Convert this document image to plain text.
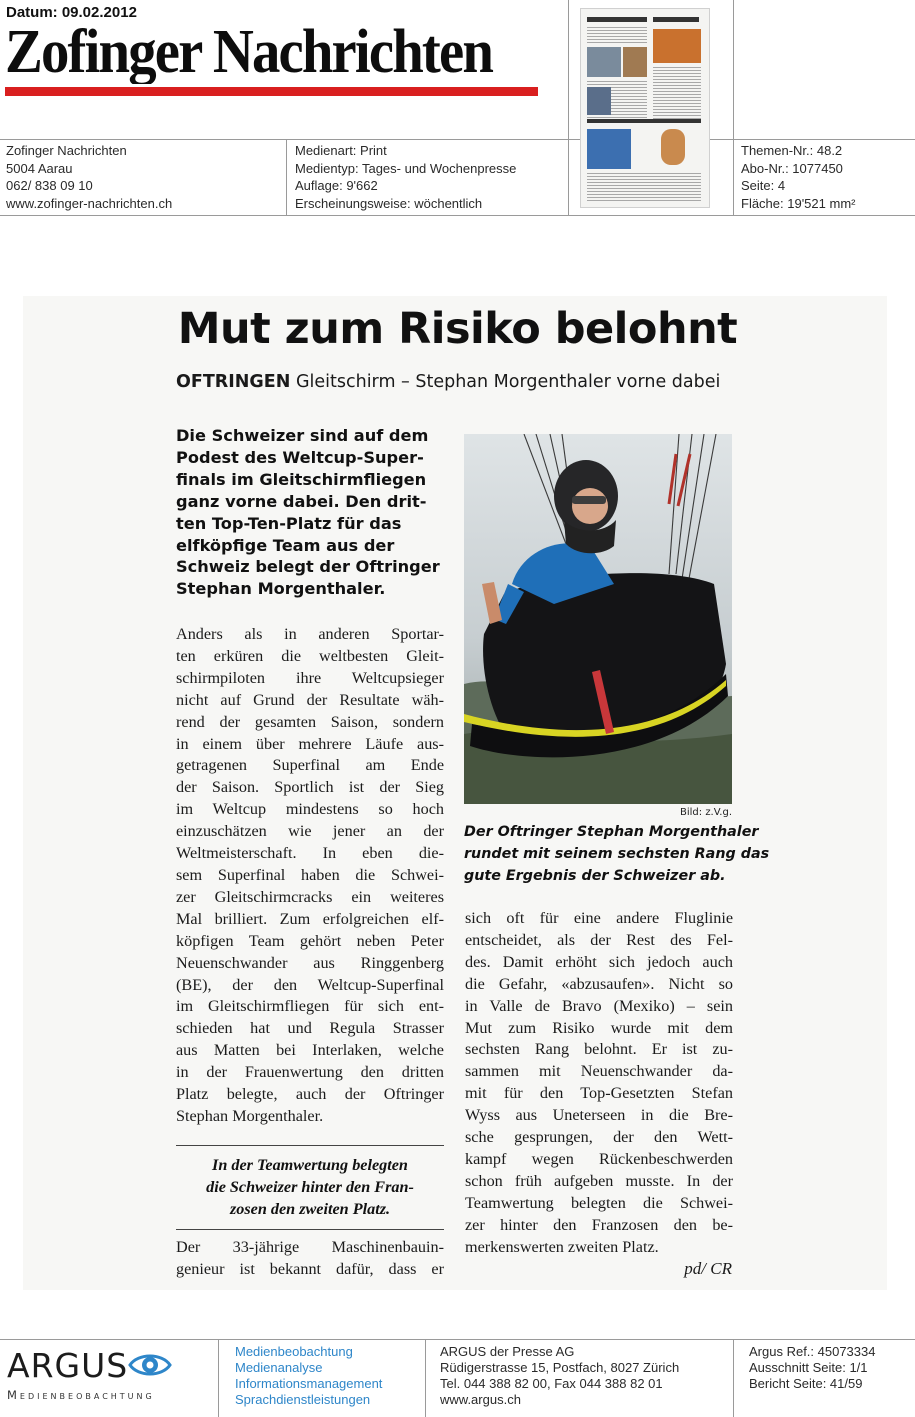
Datum: 09.02.2012
Zofinger Nachrichten
Zofinger Nachrichten
5004 Aarau
062/ 838 09 10
www.zofinger-nachrichten.ch
Medienart: Print
Medientyp: Tages- und Wochenpresse
Auflage: 9'662
Erscheinungsweise: wöchentlich
Themen-Nr.: 48.2
Abo-Nr.: 1077450
Seite: 4
Fläche: 19'521 mm²
Mut zum Risiko belohnt
OFTRINGEN Gleitschirm – Stephan Morgenthaler vorne dabei
Die Schweizer sind auf dem
Podest des Weltcup-Super-
finals im Gleitschirmfliegen
ganz vorne dabei. Den drit-
ten Top-Ten-Platz für das
elfköpfige Team aus der
Schweiz belegt der Oftringer
Stephan Morgenthaler.
Anders als in anderen Sportar-
ten erküren die weltbesten Gleit-
schirmpiloten ihre Weltcupsieger
nicht auf Grund der Resultate wäh-
rend der gesamten Saison, sondern
in einem über mehrere Läufe aus-
getragenen Superfinal am Ende
der Saison. Sportlich ist der Sieg
im Weltcup mindestens so hoch
einzuschätzen wie jener an der
Weltmeisterschaft. In eben die-
sem Superfinal haben die Schwei-
zer Gleitschirmcracks ein weiteres
Mal brilliert. Zum erfolgreichen elf-
köpfigen Team gehört neben Peter
Neuenschwander aus Ringgenberg
(BE), der den Weltcup-Superfinal
im Gleitschirmfliegen für sich ent-
schieden hat und Regula Strasser
aus Matten bei Interlaken, welche
in der Frauenwertung den dritten
Platz belegte, auch der Oftringer
Stephan Morgenthaler.
In der Teamwertung belegten
die Schweizer hinter den Fran-
zosen den zweiten Platz.
Der 33-jährige Maschinenbauin-
genieur ist bekannt dafür, dass er
Bild: z.V.g.
Der Oftringer Stephan Morgenthaler
rundet mit seinem sechsten Rang das
gute Ergebnis der Schweizer ab.
sich oft für eine andere Fluglinie
entscheidet, als der Rest des Fel-
des. Damit erhöht sich jedoch auch
die Gefahr, «abzusaufen». Nicht so
in Valle de Bravo (Mexiko) – sein
Mut zum Risiko wurde mit dem
sechsten Rang belohnt. Er ist zu-
sammen mit Neuenschwander da-
mit für den Top-Gesetzten Stefan
Wyss aus Uneterseen in die Bre-
sche gesprungen, der den Wett-
kampf wegen Rückenbeschwerden
schon früh aufgeben musste. In der
Teamwertung belegten die Schwei-
zer hinter den Franzosen den be-
merkenswerten zweiten Platz.
pd/ CR
ARGUS
Medienbeobachtung
Medienbeobachtung
Medienanalyse
Informationsmanagement
Sprachdienstleistungen
ARGUS der Presse AG
Rüdigerstrasse 15, Postfach, 8027 Zürich
Tel. 044 388 82 00, Fax 044 388 82 01
www.argus.ch
Argus Ref.: 45073334
Ausschnitt Seite: 1/1
Bericht Seite: 41/59
